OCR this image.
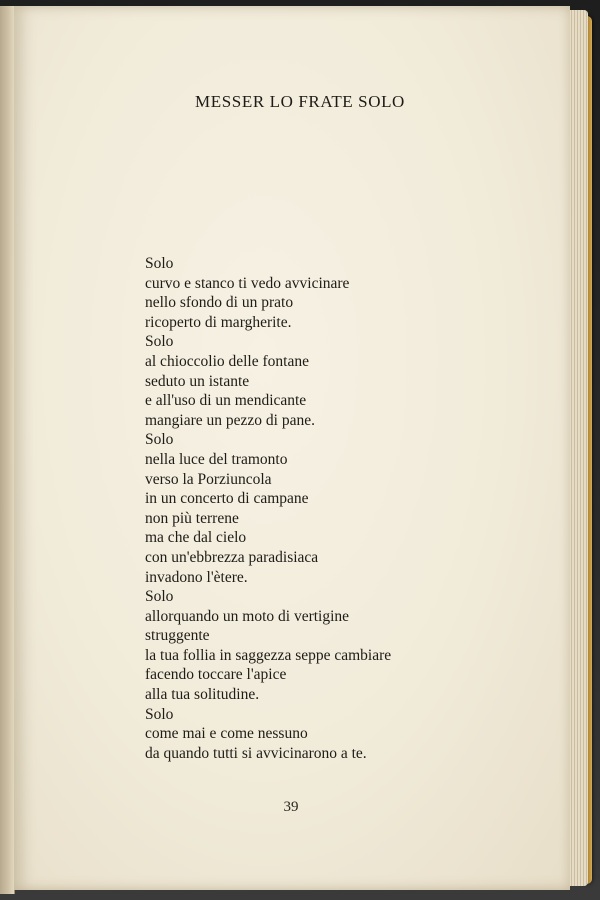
MESSER LO FRATE SOLO
Solo
curvo e stanco ti vedo avvicinare
nello sfondo di un prato
ricoperto di margherite.
Solo
al chioccolio delle fontane
seduto un istante
e all'uso di un mendicante
mangiare un pezzo di pane.
Solo
nella luce del tramonto
verso la Porziuncola
in un concerto di campane
non più terrene
ma che dal cielo
con un'ebbrezza paradisiaca
invadono l'ètere.
Solo
allorquando un moto di vertigine
struggente
la tua follia in saggezza seppe cambiare
facendo toccare l'apice
alla tua solitudine.
Solo
come mai e come nessuno
da quando tutti si avvicinarono a te.
39
